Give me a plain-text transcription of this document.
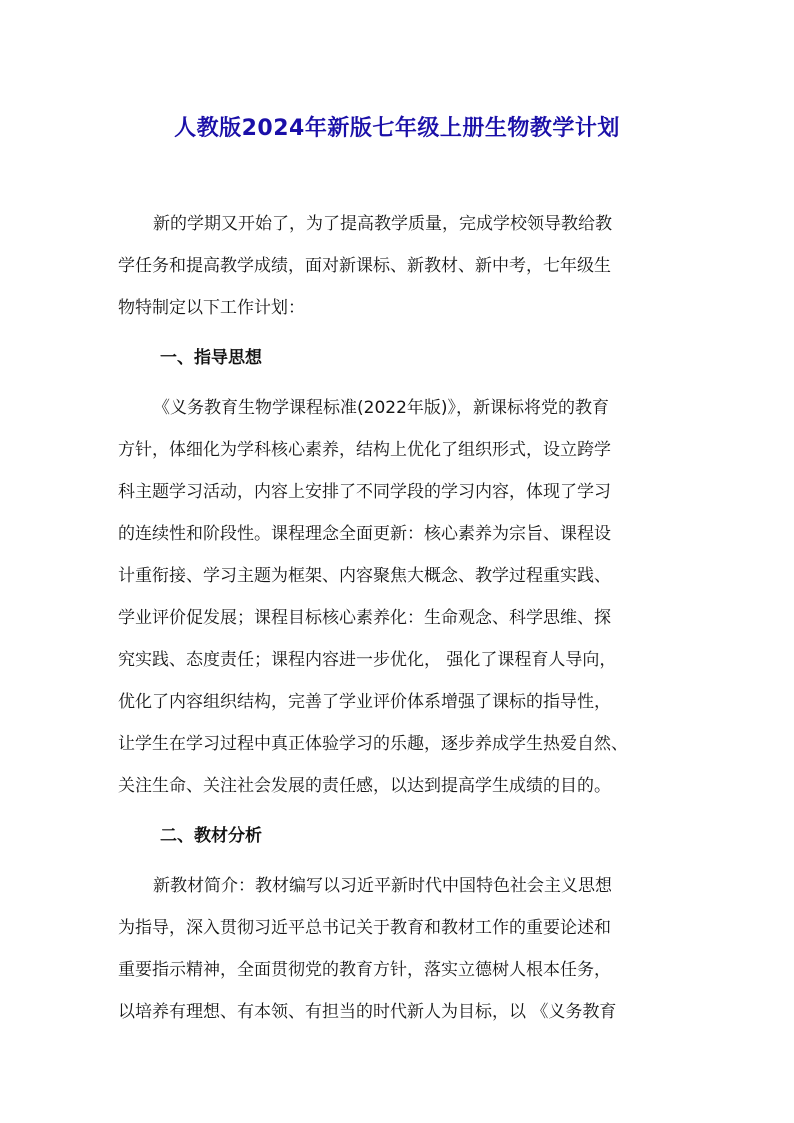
人教版2024年新版七年级上册生物教学计划
新的学期又开始了，为了提高教学质量，完成学校领导教给教
学任务和提高教学成绩，面对新课标、新教材、新中考，七年级生
物特制定以下工作计划：
一、指导思想
《义务教育生物学课程标准(2022年版)》，新课标将党的教育
方针，体细化为学科核心素养，结构上优化了组织形式，设立跨学
科主题学习活动，内容上安排了不同学段的学习内容，体现了学习
的连续性和阶段性。课程理念全面更新：核心素养为宗旨、课程设
计重衔接、学习主题为框架、内容聚焦大概念、教学过程重实践、
学业评价促发展；课程目标核心素养化：生命观念、科学思维、探
究实践、态度责任；课程内容进一步优化， 强化了课程育人导向，
优化了内容组织结构，完善了学业评价体系增强了课标的指导性，
让学生在学习过程中真正体验学习的乐趣，逐步养成学生热爱自然、
关注生命、关注社会发展的责任感，以达到提高学生成绩的目的。
二、教材分析
新教材简介：教材编写以习近平新时代中国特色社会主义思想
为指导，深入贯彻习近平总书记关于教育和教材工作的重要论述和
重要指示精神，全面贯彻党的教育方针，落实立德树人根本任务，
以培养有理想、有本领、有担当的时代新人为目标，以 《义务教育
